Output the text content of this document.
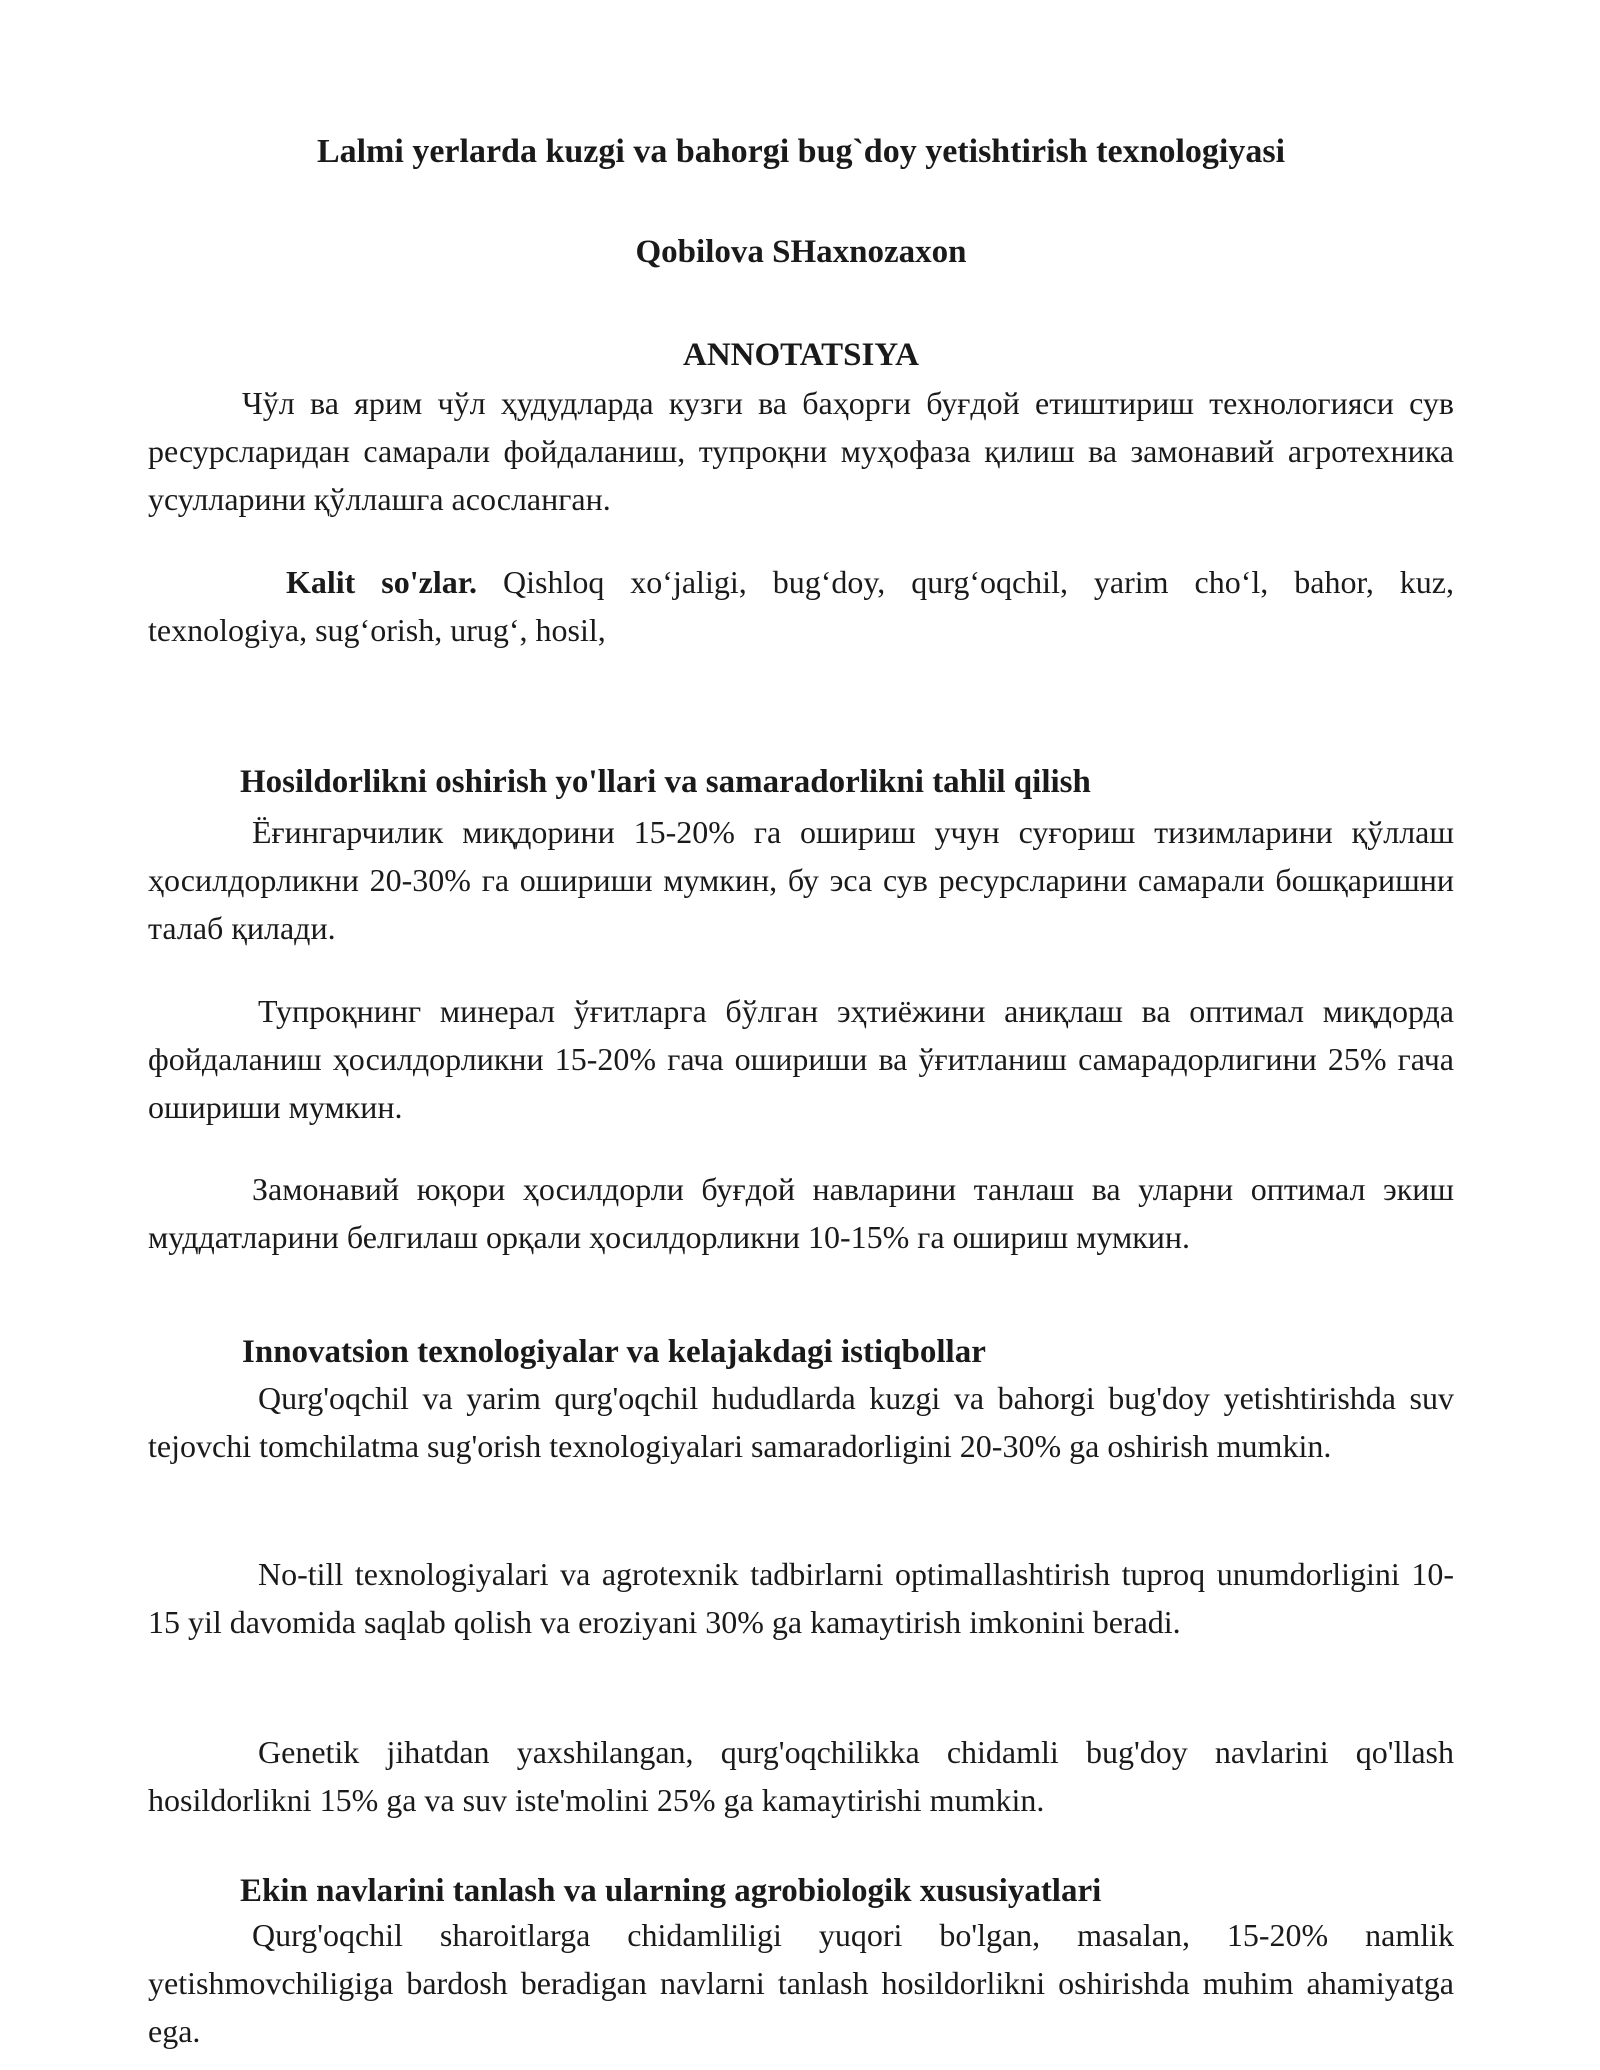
Lalmi yerlarda kuzgi va bahorgi bug`doy yetishtirish texnologiyasi
Qobilova SHaxnozaxon
ANNOTATSIYA

Чўл ва ярим чўл ҳудудларда кузги ва баҳорги буғдой етиштириш технологияси сув ресурсларидан самарали фойдаланиш, тупроқни муҳофаза қилиш ва замонавий агротехника усулларини қўллашга асосланган.

Kalit so'zlar. Qishloq xo‘jaligi, bug‘doy, qurg‘oqchil, yarim cho‘l, bahor, kuz, texnologiya, sug‘orish, urug‘, hosil,

Hosildorlikni oshirish yo'llari va samaradorlikni tahlil qilish

Ёғингарчилик миқдорини 15-20% га ошириш учун суғориш тизимларини қўллаш ҳосилдорликни 20-30% га ошириши мумкин, бу эса сув ресурсларини самарали бошқаришни талаб қилади.

Тупроқнинг минерал ўғитларга бўлган эҳтиёжини аниқлаш ва оптимал миқдорда фойдаланиш ҳосилдорликни 15-20% гача ошириши ва ўғитланиш самарадорлигини 25% гача ошириши мумкин.

Замонавий юқори ҳосилдорли буғдой навларини танлаш ва уларни оптимал экиш муддатларини белгилаш орқали ҳосилдорликни 10-15% га ошириш мумкин.

Innovatsion texnologiyalar va kelajakdagi istiqbollar

Qurg'oqchil va yarim qurg'oqchil hududlarda kuzgi va bahorgi bug'doy yetishtirishda suv tejovchi tomchilatma sug'orish texnologiyalari samaradorligini 20-30% ga oshirish mumkin.

No-till texnologiyalari va agrotexnik tadbirlarni optimallashtirish tuproq unumdorligini 10-15 yil davomida saqlab qolish va eroziyani 30% ga kamaytirish imkonini beradi.

Genetik jihatdan yaxshilangan, qurg'oqchilikka chidamli bug'doy navlarini qo'llash hosildorlikni 15% ga va suv iste'molini 25% ga kamaytirishi mumkin.

Ekin navlarini tanlash va ularning agrobiologik xususiyatlari

Qurg'oqchil sharoitlarga chidamliligi yuqori bo'lgan, masalan, 15-20% namlik yetishmovchiligiga bardosh beradigan navlarni tanlash hosildorlikni oshirishda muhim ahamiyatga ega.
